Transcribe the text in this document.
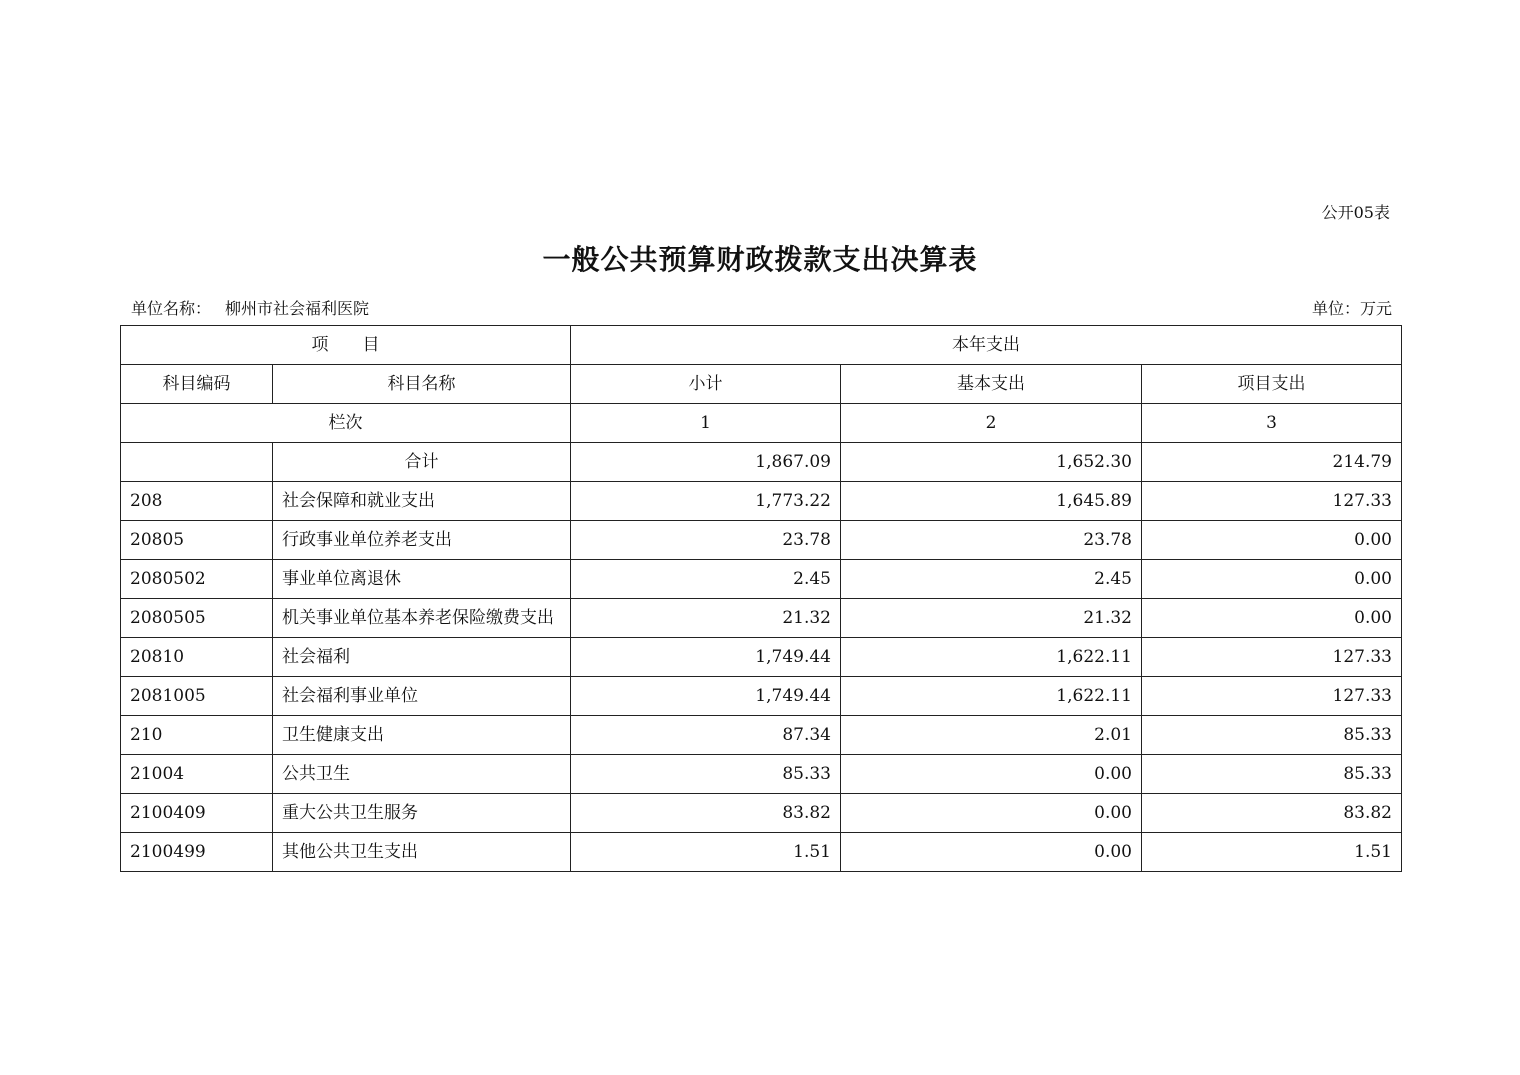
公开05表
一般公共预算财政拨款支出决算表
单位名称： 柳州市社会福利医院	单位：万元
项　　目		本年支出		
科目编码	科目名称	小计	基本支出	项目支出
栏次		1	2	3
	合计	1,867.09	1,652.30	214.79
208	社会保障和就业支出	1,773.22	1,645.89	127.33
20805	行政事业单位养老支出	23.78	23.78	0.00
2080502	事业单位离退休	2.45	2.45	0.00
2080505	机关事业单位基本养老保险缴费支出	21.32	21.32	0.00
20810	社会福利	1,749.44	1,622.11	127.33
2081005	社会福利事业单位	1,749.44	1,622.11	127.33
210	卫生健康支出	87.34	2.01	85.33
21004	公共卫生	85.33	0.00	85.33
2100409	重大公共卫生服务	83.82	0.00	83.82
2100499	其他公共卫生支出	1.51	0.00	1.51
